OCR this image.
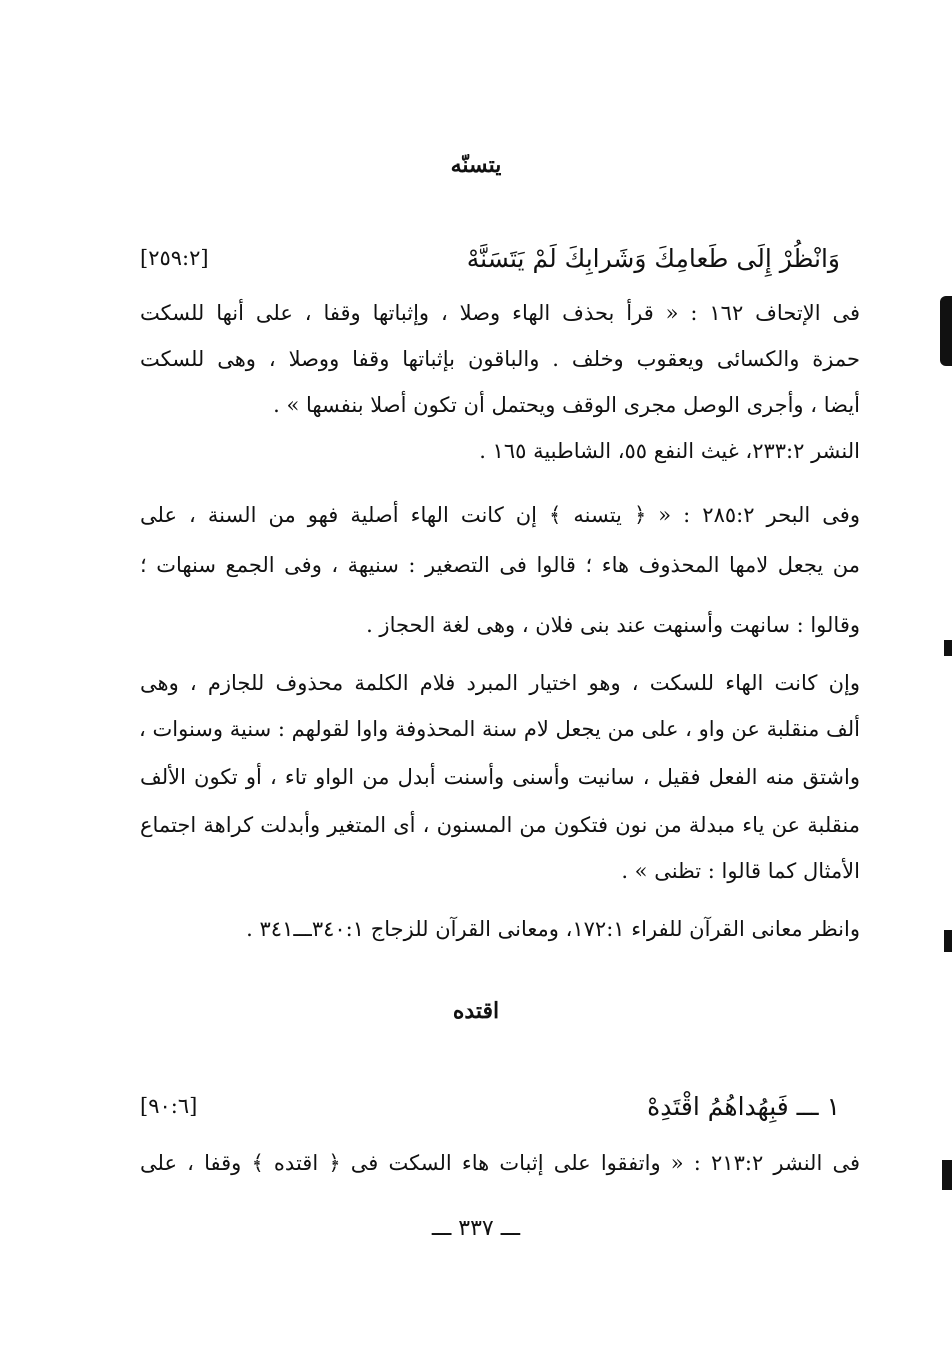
يتسنّه
[٢٥٩:٢]	وَانْظُرْ إِلَى طَعامِكَ وَشَرابِكَ لَمْ يَتَسَنَّهْ
فى الإتحاف ١٦٢ : « قرأ بحذف الهاء وصلا ، وإثباتها وقفا ، على أنها للسكت
حمزة والكسائى ويعقوب وخلف . والباقون بإثباتها وقفا ووصلا ، وهى للسكت
أيضا ، وأجرى الوصل مجرى الوقف ويحتمل أن تكون أصلا بنفسها » .
النشر ٢٣٣:٢، غيث النفع ٥٥، الشاطبية ١٦٥ .
وفى البحر ٢٨٥:٢ : « ﴿ يتسنه ﴾ إن كانت الهاء أصلية فهو من السنة ، على
من يجعل لامها المحذوف هاء ؛ قالوا فى التصغير : سنيهة ، وفى الجمع سنهات ؛
وقالوا : سانهت وأسنهت عند بنى فلان ، وهى لغة الحجاز .
وإن كانت الهاء للسكت ، وهو اختيار المبرد فلام الكلمة محذوف للجازم ، وهى
ألف منقلبة عن واو ، على من يجعل لام سنة المحذوفة واوا لقولهم : سنية وسنوات ،
واشتق منه الفعل فقيل ، سانيت وأسنى وأسنت أبدل من الواو تاء ، أو تكون الألف
منقلبة عن ياء مبدلة من نون فتكون من المسنون ، أى المتغير وأبدلت كراهة اجتماع
الأمثال كما قالوا : تظنى » .
وانظر معانى القرآن للفراء ١٧٢:١، ومعانى القرآن للزجاج ٣٤٠:١ـــ٣٤١ .
اقتده
[٩٠:٦]	١ ـــ فَبِهُداهُمُ اقْتَدِهْ
فى النشر ٢١٣:٢ : « واتفقوا على إثبات هاء السكت فى ﴿ اقتده ﴾ وقفا ، على
ـــ ٣٣٧ ـــ
